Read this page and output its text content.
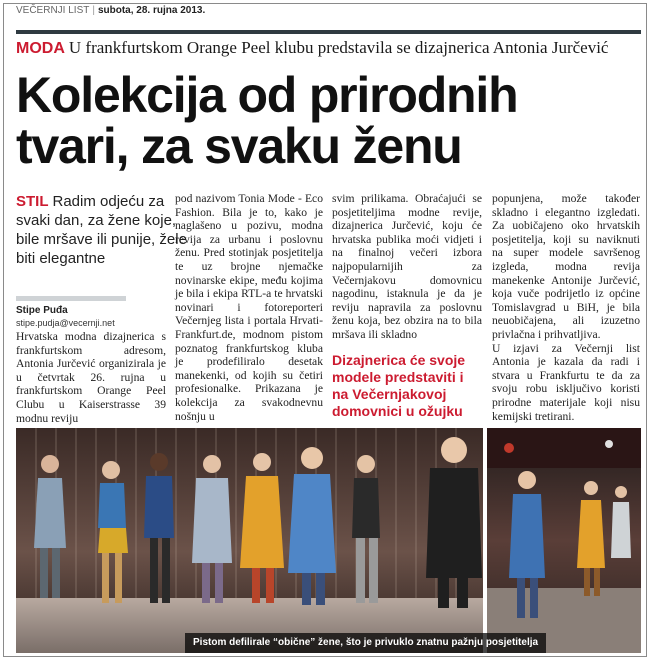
VEČERNJI LIST | subota, 28. rujna 2013.
MODA U frankfurtskom Orange Peel klubu predstavila se dizajnerica Antonia Jurčević
Kolekcija od prirodnih
tvari, za svaku ženu
STIL Radim odjeću za svaki dan, za žene koje, bile mršave ili punije, žele biti elegantne
Stipe Puđa
stipe.pudja@vecernji.net

Hrvatska modna dizajnerica s frankfurtskom adresom, Antonia Jurčević organizirala je u četvrtak 26. rujna u frankfurtskom Orange Peel Clubu u Kaiserstrasse 39 modnu reviju

pod nazivom Tonia Mode - Eco Fashion. Bila je to, kako je naglašeno u pozivu, modna revija za urbanu i poslovnu ženu. Pred stotinjak posjetitelja te uz brojne njemačke novinarske ekipe, među kojima je bila i ekipa RTL-a te hrvatski novinari i fotoreporteri Večernjeg lista i portala Hrvati-Frankfurt.de, modnom pistom poznatog frankfurtskog kluba je prodefiliralo desetak manekenki, od kojih su četiri profesionalke. Prikazana je kolekcija za svakodnevnu nošnju u

svim prilikama. Obraćajući se posjetiteljima modne revije, dizajnerica Jurčević, koju će hrvatska publika moći vidjeti i na finalnoj večeri izbora najpopularnijih za Večernjakovu domovnicu nagodinu, istaknula je da je reviju napravila za poslovnu ženu koja, bez obzira na to bila mršava ili skladno

Dizajnerica će svoje modele predstaviti i na Večernjakovoj domovnici u ožujku

popunjena, može također skladno i elegantno izgledati. Za uobičajeno oko hrvatskih posjetitelja, koji su naviknuti na super modele savršenog izgleda, modna revija manekenke Antonije Jurčević, koja vuče podrijetlo iz općine Tomislavgrad u BiH, je bila neuobičajena, ali izuzetno privlačna i prihvatljiva.

U izjavi za Večernji list Antonia je kazala da radi i stvara u Frankfurtu te da za svoju robu isključivo koristi prirodne materijale koji nisu kemijski tretirani.

Pistom defilirale “obične” žene, što je privuklo znatnu pažnju posjetitelja
